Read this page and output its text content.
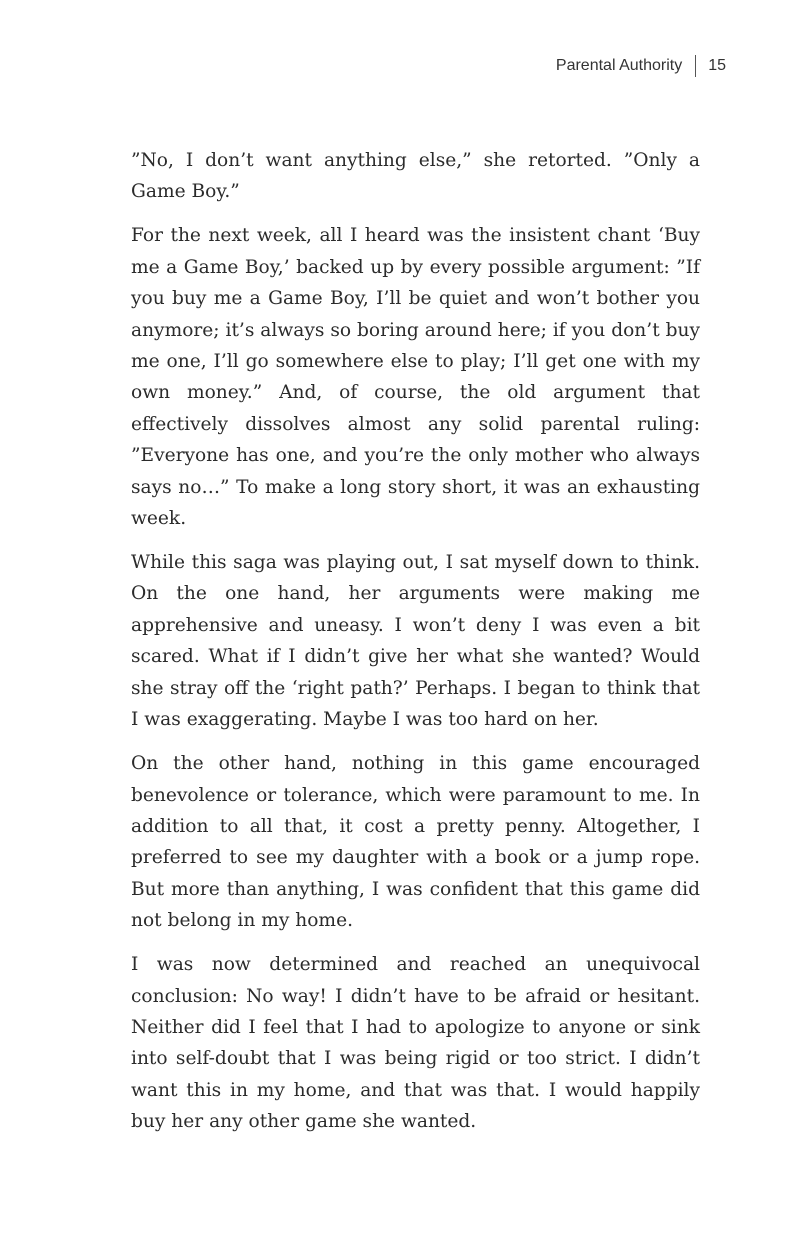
Parental Authority 15

”No, I don’t want anything else,” she retorted. ”Only a Game Boy.”

For the next week, all I heard was the insistent chant ‘Buy me a Game Boy,’ backed up by every possible argument: ”If you buy me a Game Boy, I’ll be quiet and won’t bother you anymore; it’s always so boring around here; if you don’t buy me one, I’ll go somewhere else to play; I’ll get one with my own money.” And, of course, the old argument that effectively dissolves almost any solid parental ruling: ”Everyone has one, and you’re the only mother who always says no…” To make a long story short, it was an exhausting week.

While this saga was playing out, I sat myself down to think. On the one hand, her arguments were making me apprehensive and uneasy. I won’t deny I was even a bit scared. What if I didn’t give her what she wanted? Would she stray off the ‘right path?’ Perhaps. I began to think that I was exaggerating. Maybe I was too hard on her.

On the other hand, nothing in this game encouraged benevolence or tolerance, which were paramount to me. In addition to all that, it cost a pretty penny. Altogether, I preferred to see my daughter with a book or a jump rope. But more than anything, I was confident that this game did not belong in my home.

I was now determined and reached an unequivocal conclusion: No way! I didn’t have to be afraid or hesitant. Neither did I feel that I had to apologize to anyone or sink into self-doubt that I was being rigid or too strict. I didn’t want this in my home, and that was that. I would happily buy her any other game she wanted.
